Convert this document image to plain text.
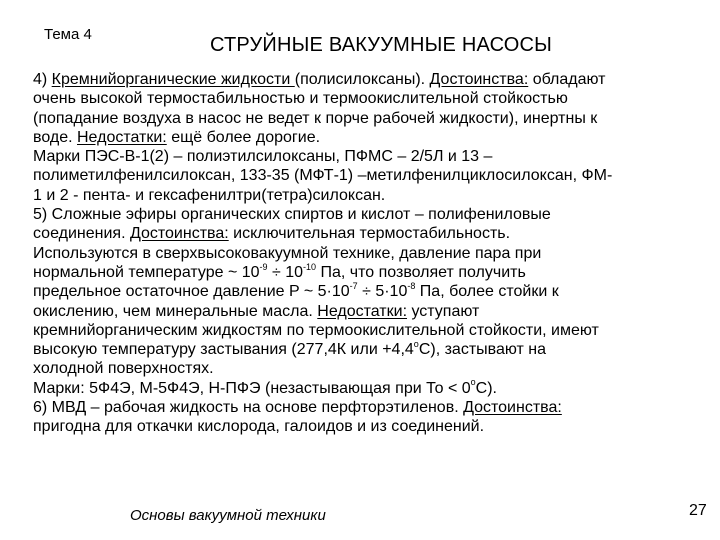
Тема 4	СТРУЙНЫЕ ВАКУУМНЫЕ НАСОСЫ
4) Кремнийорганические жидкости (полисилоксаны). Достоинства: обладают
очень высокой термостабильностью и термоокислительной стойкостью
(попадание воздуха в насос не ведет к порче рабочей жидкости), инертны к
воде. Недостатки: ещё более дорогие.
Марки ПЭС-В-1(2) – полиэтилсилоксаны, ПФМС – 2/5Л и 13 –
полиметилфенилсилоксан, 133-35 (МФТ-1) –метилфенилциклосилоксан, ФМ-
1 и 2 - пента- и гексафенилтри(тетра)силоксан.
5) Сложные эфиры органических спиртов и кислот – полифениловые
соединения. Достоинства: исключительная термостабильность.
Используются в сверхвысоковакуумной технике, давление пара при
нормальной температуре ~ $10^{-9} \div 10^{-10}$ Па, что позволяет получить
предельное остаточное давление P ~ $5\cdot 10^{-7} \div 5\cdot 10^{-8}$ Па, более стойки к
окислению, чем минеральные масла. Недостатки: уступают
кремнийорганическим жидкостям по термоокислительной стойкости, имеют
высокую температуру застывания (277,4К или $+4,4^оС$), застывают на
холодной поверхностях.
Марки: 5Ф4Э, М-5Ф4Э, Н-ПФЭ (незастывающая при То < $0^оС$).
6) МВД – рабочая жидкость на основе перфторэтиленов. Достоинства:
пригодна для откачки кислорода, галоидов и из соединений.
Основы вакуумной техники	27
